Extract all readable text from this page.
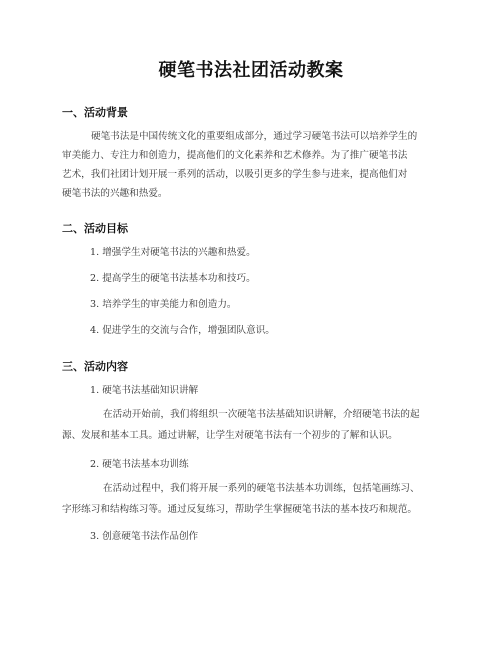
硬笔书法社团活动教案
一、活动背景
硬笔书法是中国传统文化的重要组成部分，通过学习硬笔书法可以培养学生的
审美能力、专注力和创造力，提高他们的文化素养和艺术修养。为了推广硬笔书法
艺术，我们社团计划开展一系列的活动，以吸引更多的学生参与进来，提高他们对
硬笔书法的兴趣和热爱。
二、活动目标
1. 增强学生对硬笔书法的兴趣和热爱。
2. 提高学生的硬笔书法基本功和技巧。
3. 培养学生的审美能力和创造力。
4. 促进学生的交流与合作，增强团队意识。
三、活动内容
1. 硬笔书法基础知识讲解
在活动开始前，我们将组织一次硬笔书法基础知识讲解，介绍硬笔书法的起
源、发展和基本工具。通过讲解，让学生对硬笔书法有一个初步的了解和认识。
2. 硬笔书法基本功训练
在活动过程中，我们将开展一系列的硬笔书法基本功训练，包括笔画练习、
字形练习和结构练习等。通过反复练习，帮助学生掌握硬笔书法的基本技巧和规范。
3. 创意硬笔书法作品创作
